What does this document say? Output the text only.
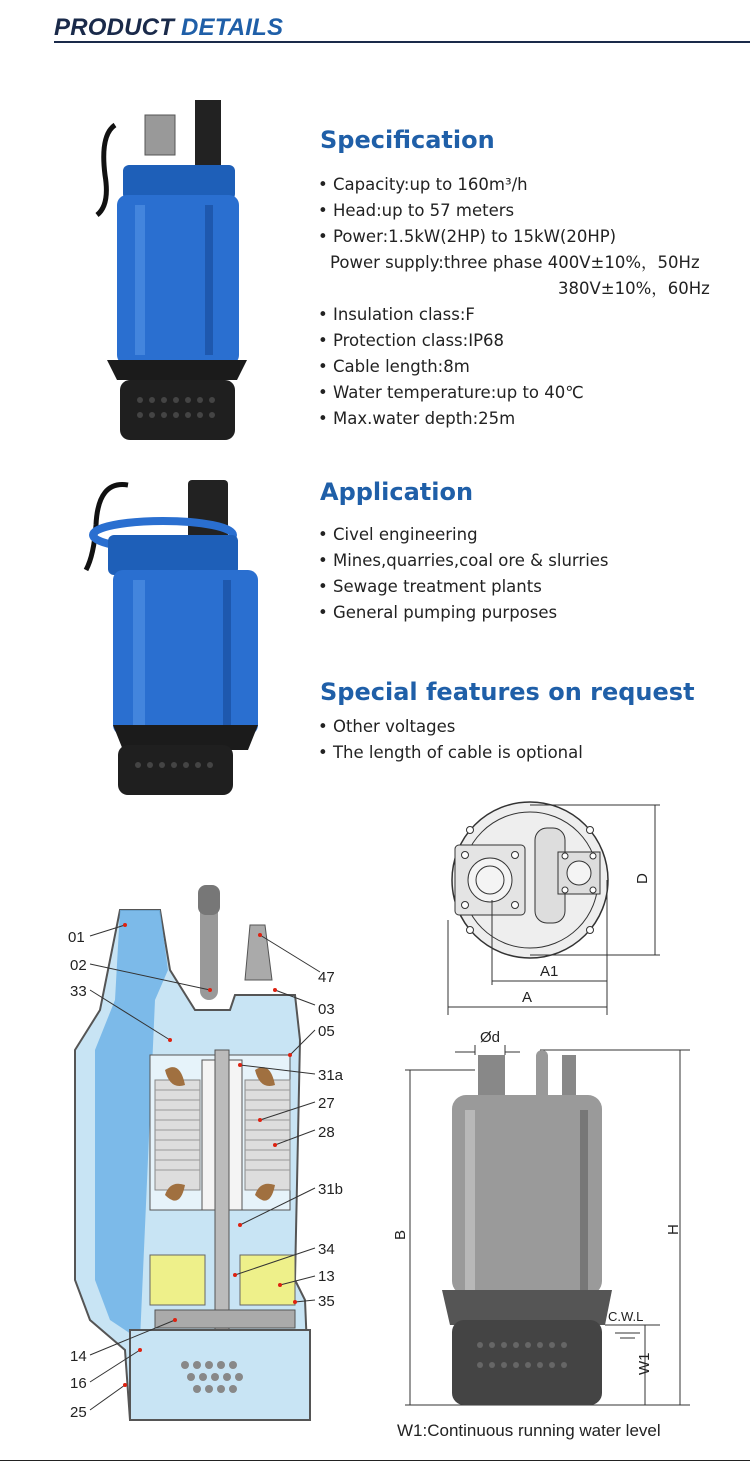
PRODUCT DETAILS
Specification
• Capacity:up to 160m³/h
• Head:up to 57 meters
• Power:1.5kW(2HP) to 15kW(20HP)
Power supply:three phase 400V±10%，50Hz
380V±10%，60Hz
• Insulation class:F
• Protection class:IP68
• Cable length:8m
• Water temperature:up to 40℃
• Max.water depth:25m
Application
• Civel engineering
• Mines,quarries,coal ore & slurries
• Sewage treatment plants
• General pumping purposes
Special features on request
• Other voltages
• The length of cable is optional
01
02
33
47
03
05
31a
27
28
31b
34
13
35
14
16
25
D
A1
A
Ød
B	H
C.W.L
W1
W1:Continuous running water level
